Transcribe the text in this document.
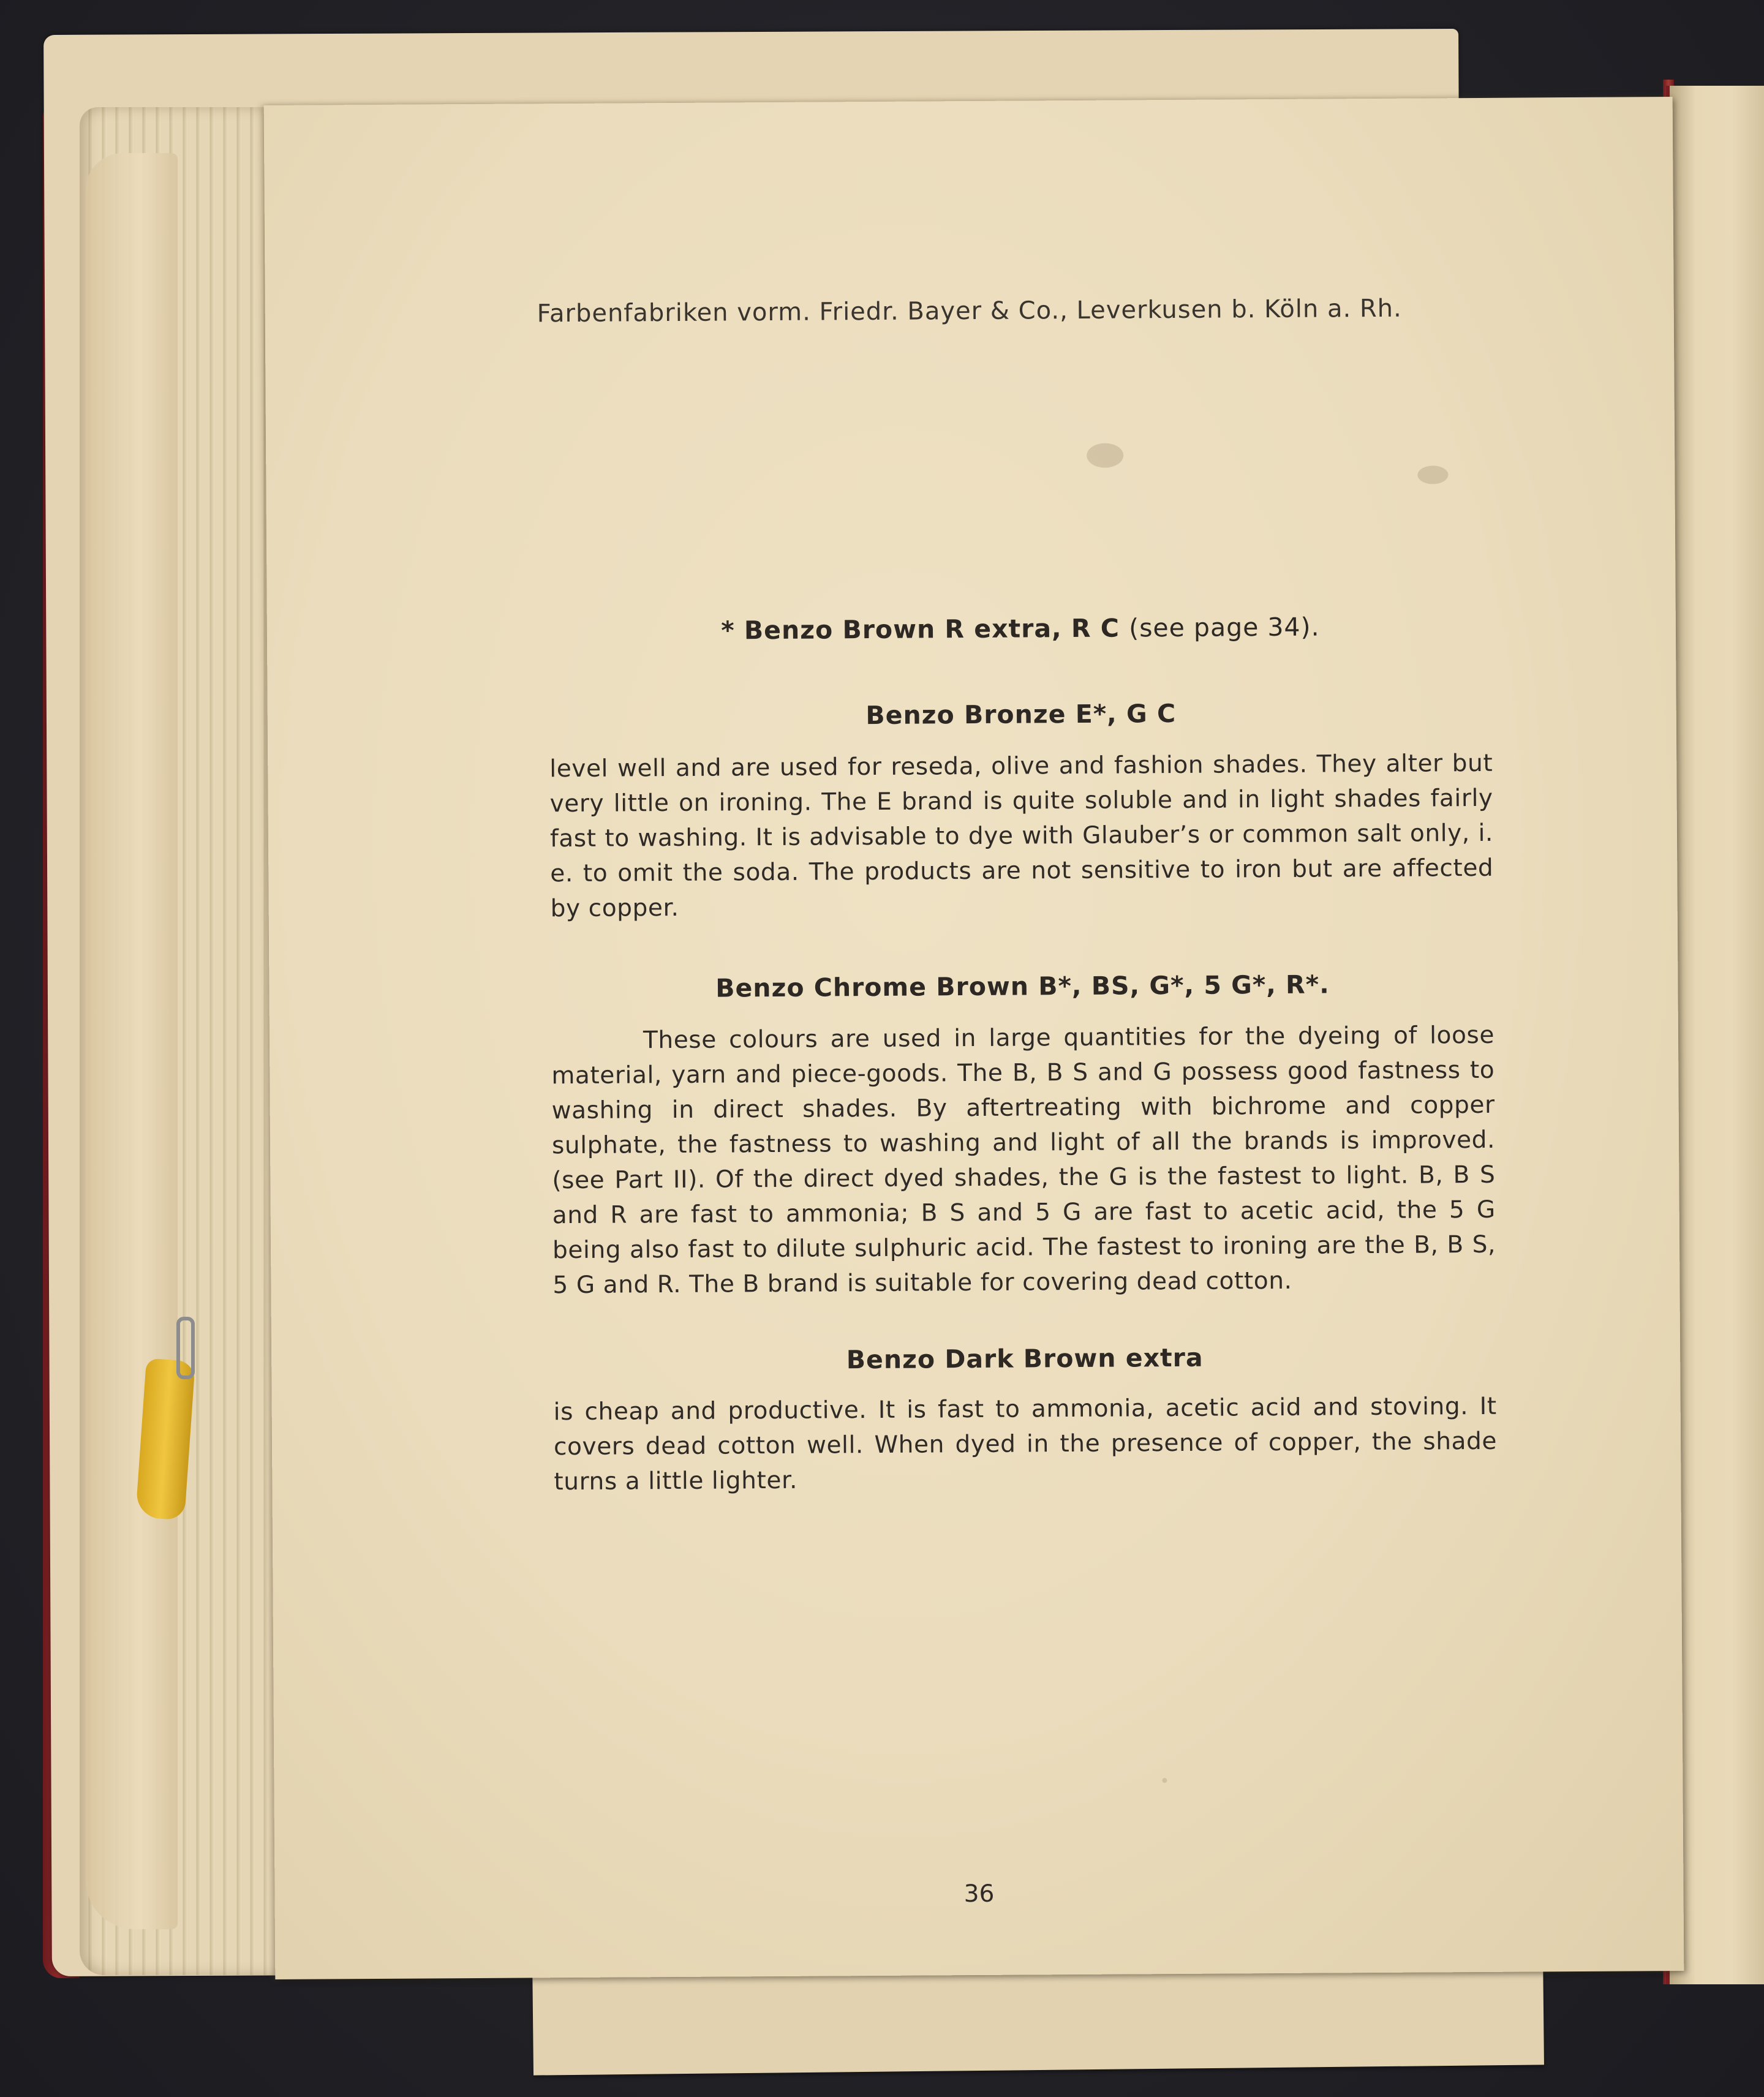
Farbenfabriken vorm. Friedr. Bayer & Co., Leverkusen b. Köln a. Rh.
* Benzo Brown R extra, R C (see page 34).
Benzo Bronze E*, G C
level well and are used for reseda, olive and fashion shades. They alter but very little on ironing. The E brand is quite soluble and in light shades fairly fast to washing. It is advisable to dye with Glauber’s or common salt only, i. e. to omit the soda. The products are not sensitive to iron but are affected by copper.
Benzo Chrome Brown B*, BS, G*, 5 G*, R*.
These colours are used in large quantities for the dyeing of loose material, yarn and piece-goods. The B, B S and G possess good fastness to washing in direct shades. By aftertreating with bichrome and copper sulphate, the fastness to washing and light of all the brands is improved. (see Part II). Of the direct dyed shades, the G is the fastest to light. B, B S and R are fast to ammonia; B S and 5 G are fast to acetic acid, the 5 G being also fast to dilute sulphuric acid. The fastest to ironing are the B, B S, 5 G and R. The B brand is suitable for covering dead cotton.
Benzo Dark Brown extra
is cheap and productive. It is fast to ammonia, acetic acid and stoving. It covers dead cotton well. When dyed in the presence of copper, the shade turns a little lighter.
36
